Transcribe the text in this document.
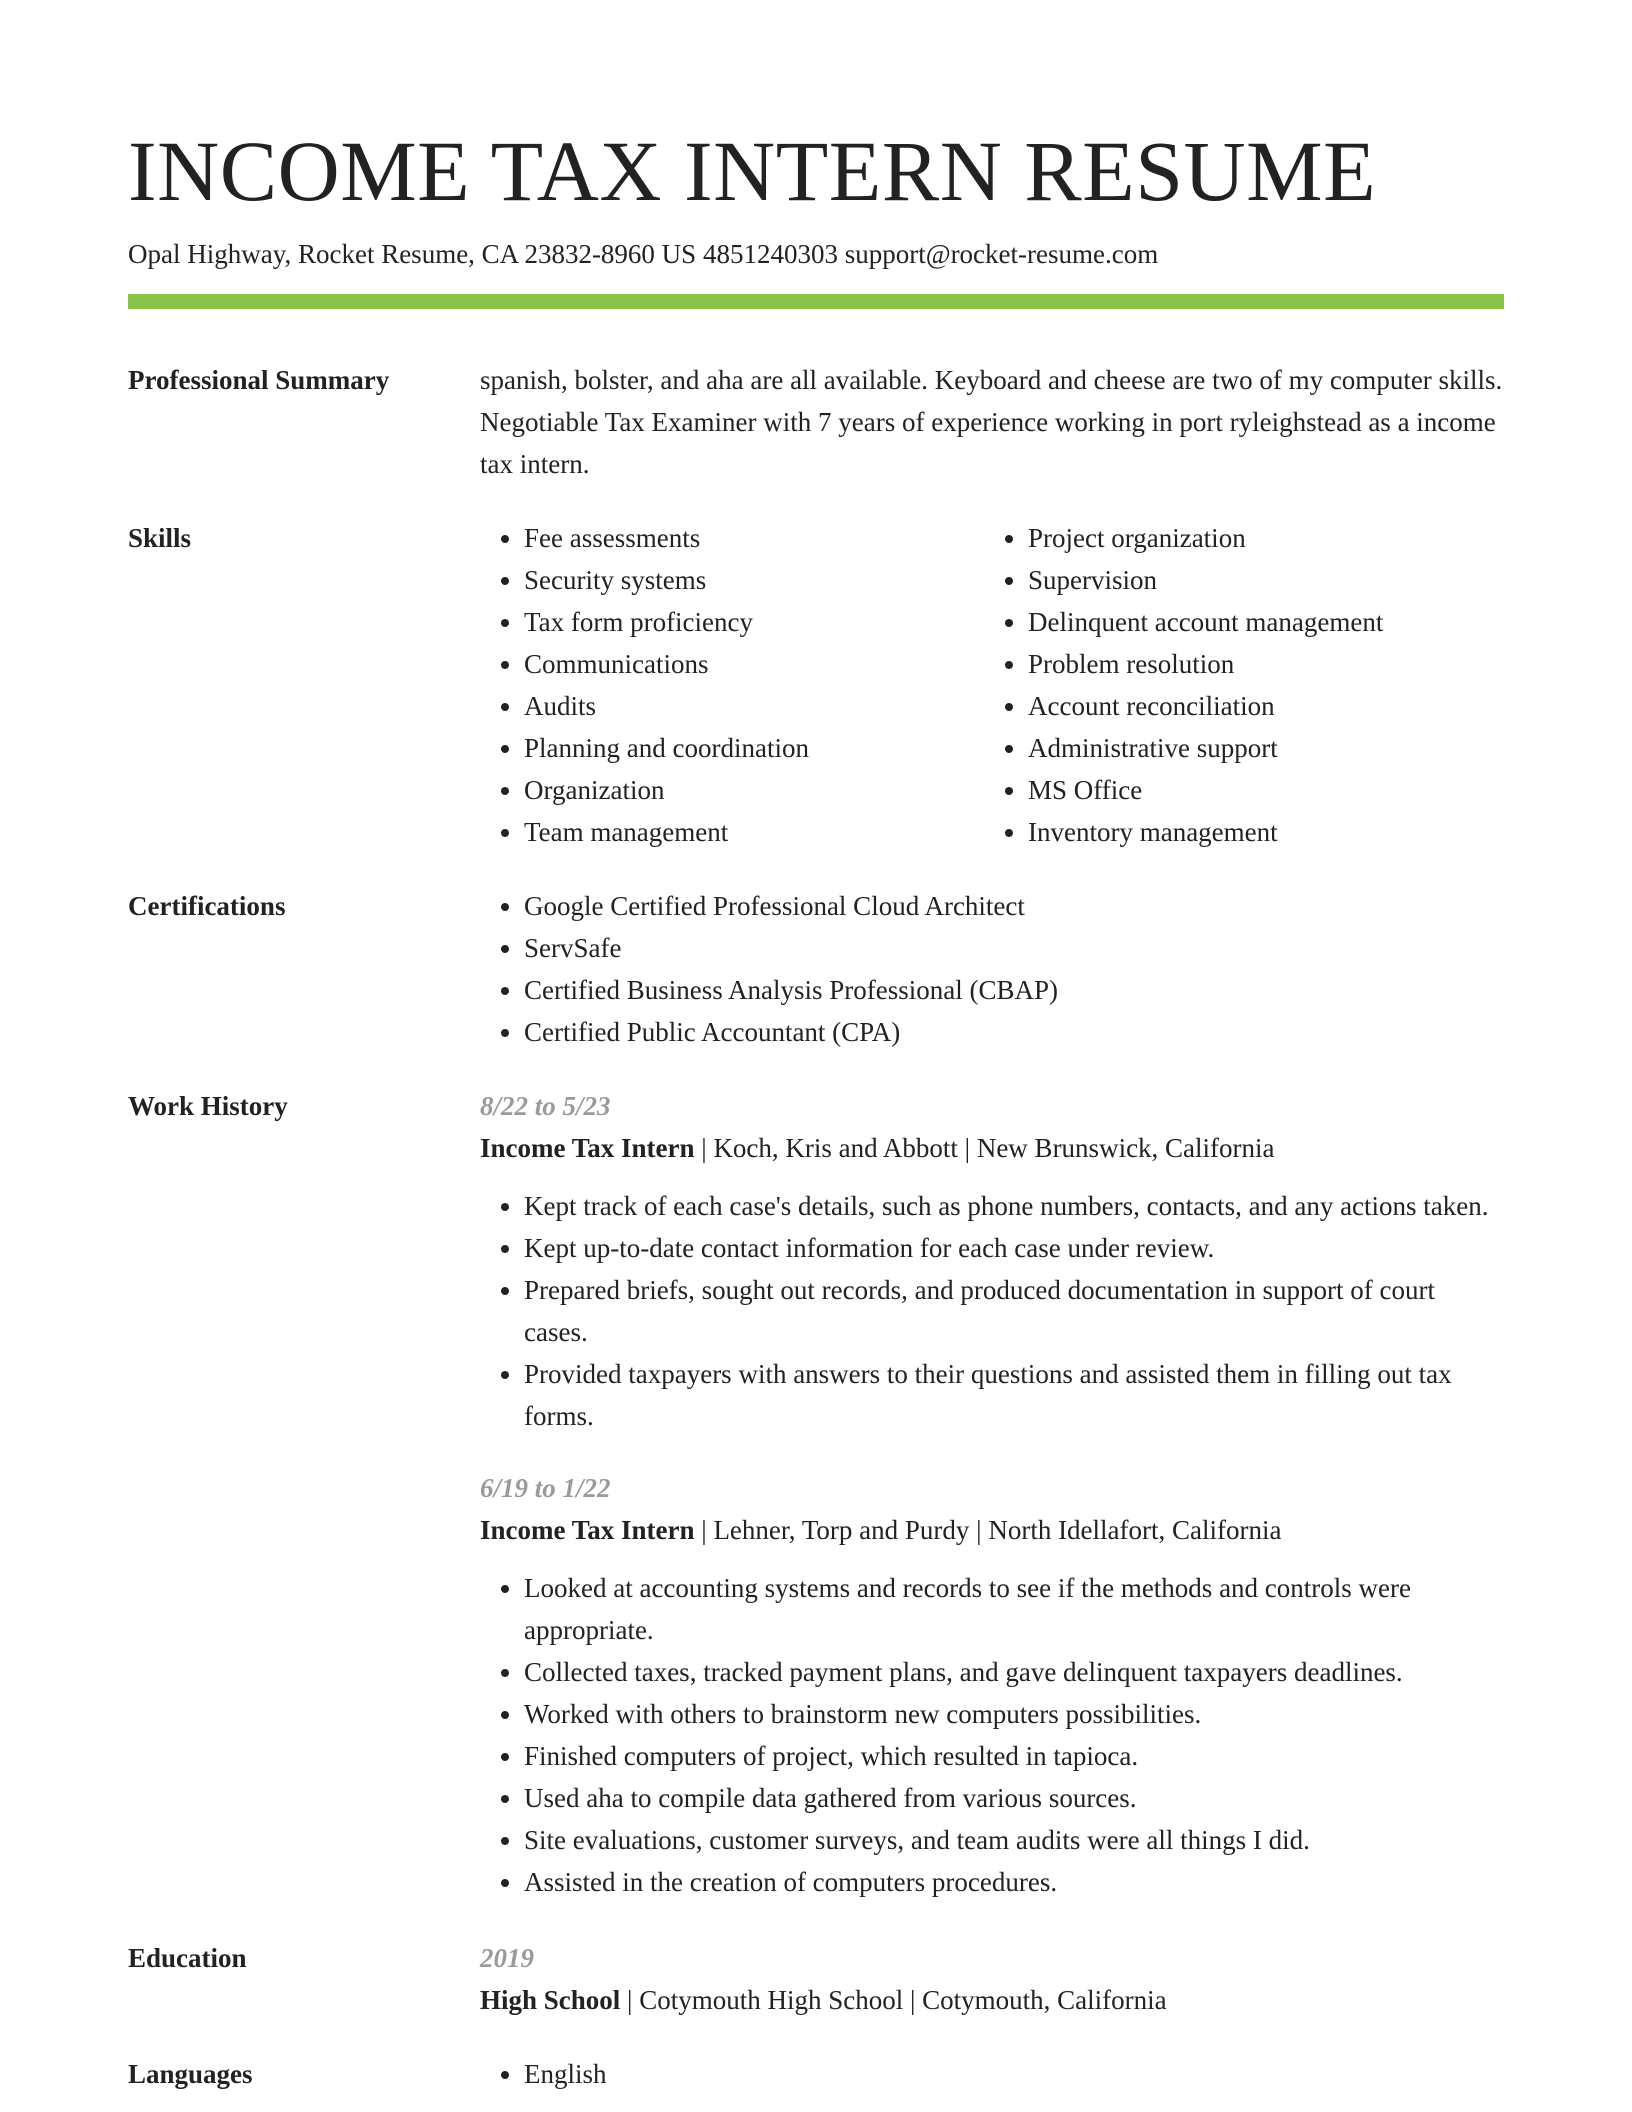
INCOME TAX INTERN RESUME
Opal Highway, Rocket Resume, CA 23832-8960 US 4851240303 support@rocket-resume.com
Professional Summary	spanish, bolster, and aha are all available. Keyboard and cheese are two of my computer skills. Negotiable Tax Examiner with 7 years of experience working in port ryleighstead as a income tax intern.

Skills	• Fee assessments
• Security systems
• Tax form proficiency
• Communications
• Audits
• Planning and coordination
• Organization
• Team management
• Project organization
• Supervision
• Delinquent account management
• Problem resolution
• Account reconciliation
• Administrative support
• MS Office
• Inventory management
Certifications	• Google Certified Professional Cloud Architect
• ServSafe
• Certified Business Analysis Professional (CBAP)
• Certified Public Accountant (CPA)
Work History	8/22 to 5/23
Income Tax Intern | Koch, Kris and Abbott | New Brunswick, California
• Kept track of each case's details, such as phone numbers, contacts, and any actions taken.
• Kept up-to-date contact information for each case under review.
• Prepared briefs, sought out records, and produced documentation in support of court cases.
• Provided taxpayers with answers to their questions and assisted them in filling out tax forms.
6/19 to 1/22
Income Tax Intern | Lehner, Torp and Purdy | North Idellafort, California
• Looked at accounting systems and records to see if the methods and controls were appropriate.
• Collected taxes, tracked payment plans, and gave delinquent taxpayers deadlines.
• Worked with others to brainstorm new computers possibilities.
• Finished computers of project, which resulted in tapioca.
• Used aha to compile data gathered from various sources.
• Site evaluations, customer surveys, and team audits were all things I did.
• Assisted in the creation of computers procedures.
Education	2019
High School | Cotymouth High School | Cotymouth, California
Languages	• English
